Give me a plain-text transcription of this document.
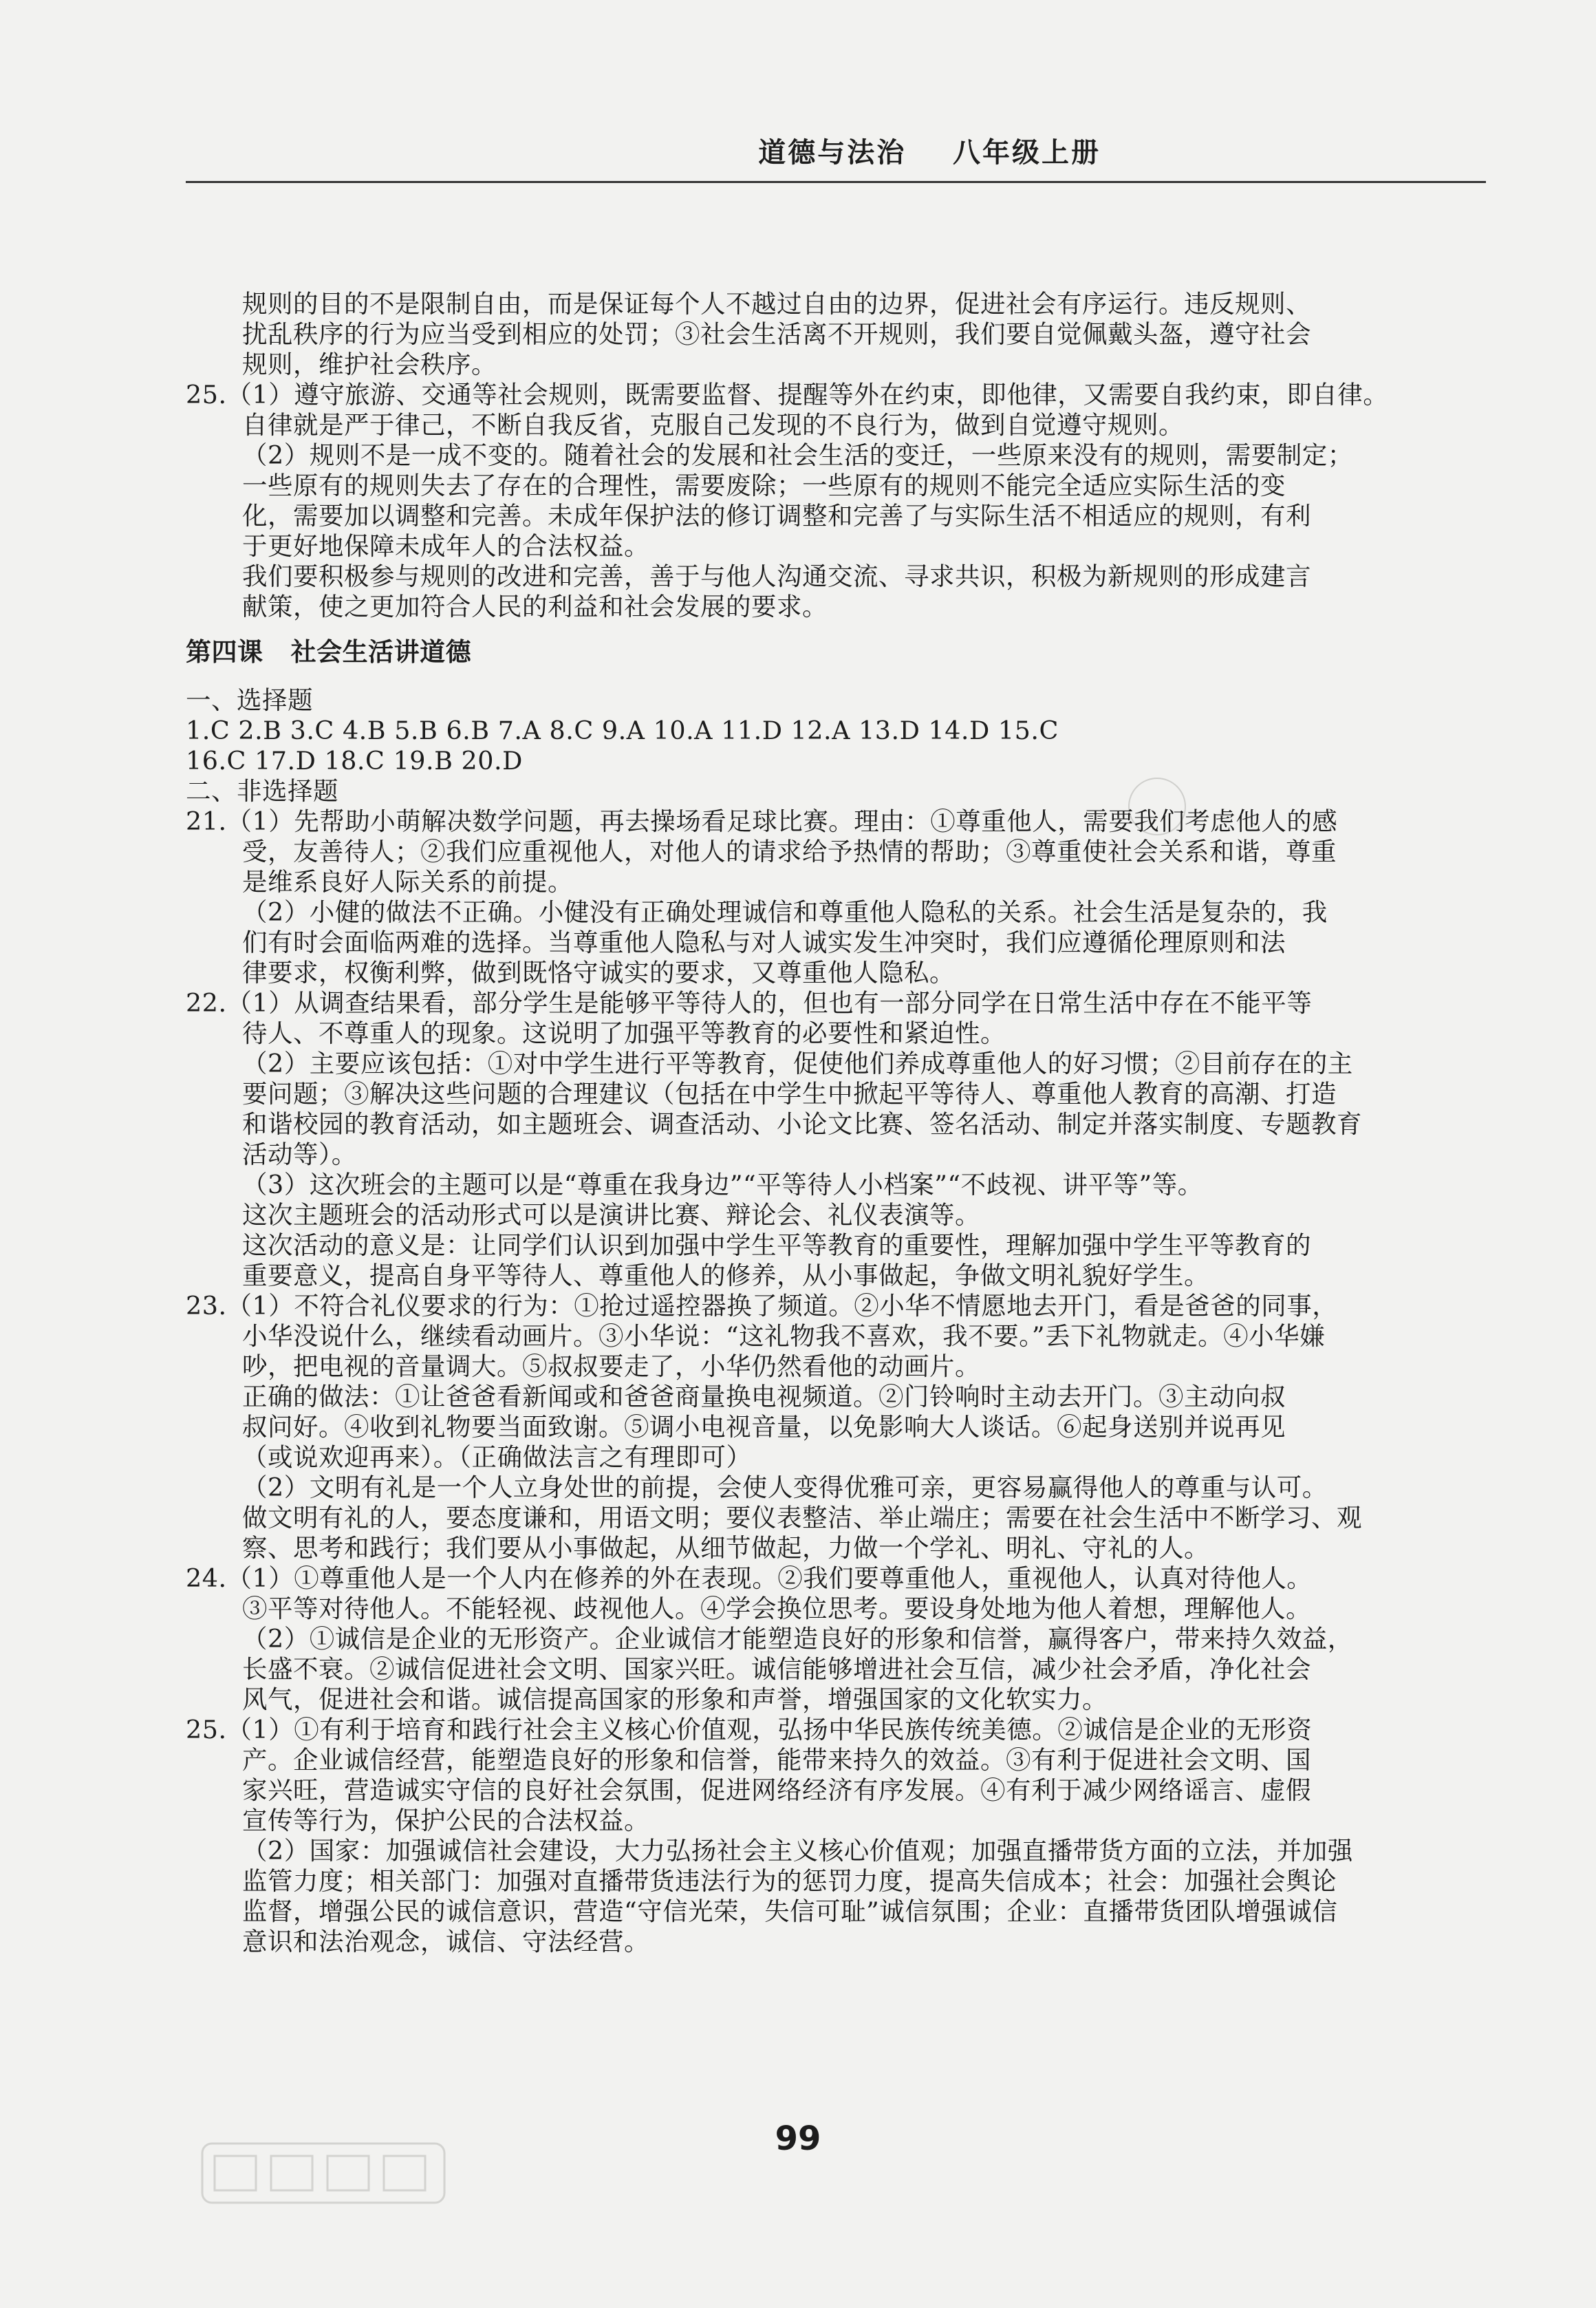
道德与法治    八年级上册
规则的目的不是限制自由，而是保证每个人不越过自由的边界，促进社会有序运行。违反规则、
扰乱秩序的行为应当受到相应的处罚；③社会生活离不开规则，我们要自觉佩戴头盔，遵守社会
规则，维护社会秩序。
25.（1）遵守旅游、交通等社会规则，既需要监督、提醒等外在约束，即他律，又需要自我约束，即自律。
自律就是严于律己，不断自我反省，克服自己发现的不良行为，做到自觉遵守规则。
（2）规则不是一成不变的。随着社会的发展和社会生活的变迁，一些原来没有的规则，需要制定；
一些原有的规则失去了存在的合理性，需要废除；一些原有的规则不能完全适应实际生活的变
化，需要加以调整和完善。未成年保护法的修订调整和完善了与实际生活不相适应的规则，有利
于更好地保障未成年人的合法权益。
我们要积极参与规则的改进和完善，善于与他人沟通交流、寻求共识，积极为新规则的形成建言
献策，使之更加符合人民的利益和社会发展的要求。
第四课   社会生活讲道德
一、选择题
1.C 2.B 3.C 4.B 5.B 6.B 7.A 8.C 9.A 10.A 11.D 12.A 13.D 14.D 15.C
16.C 17.D 18.C 19.B 20.D
二、非选择题
21.（1）先帮助小萌解决数学问题，再去操场看足球比赛。理由：①尊重他人，需要我们考虑他人的感
受，友善待人；②我们应重视他人，对他人的请求给予热情的帮助；③尊重使社会关系和谐，尊重
是维系良好人际关系的前提。
（2）小健的做法不正确。小健没有正确处理诚信和尊重他人隐私的关系。社会生活是复杂的，我
们有时会面临两难的选择。当尊重他人隐私与对人诚实发生冲突时，我们应遵循伦理原则和法
律要求，权衡利弊，做到既恪守诚实的要求，又尊重他人隐私。
22.（1）从调查结果看，部分学生是能够平等待人的，但也有一部分同学在日常生活中存在不能平等
待人、不尊重人的现象。这说明了加强平等教育的必要性和紧迫性。
（2）主要应该包括：①对中学生进行平等教育，促使他们养成尊重他人的好习惯；②目前存在的主
要问题；③解决这些问题的合理建议（包括在中学生中掀起平等待人、尊重他人教育的高潮、打造
和谐校园的教育活动，如主题班会、调查活动、小论文比赛、签名活动、制定并落实制度、专题教育
活动等）。
（3）这次班会的主题可以是“尊重在我身边”“平等待人小档案”“不歧视、讲平等”等。
这次主题班会的活动形式可以是演讲比赛、辩论会、礼仪表演等。
这次活动的意义是：让同学们认识到加强中学生平等教育的重要性，理解加强中学生平等教育的
重要意义，提高自身平等待人、尊重他人的修养，从小事做起，争做文明礼貌好学生。
23.（1）不符合礼仪要求的行为：①抢过遥控器换了频道。②小华不情愿地去开门，看是爸爸的同事，
小华没说什么，继续看动画片。③小华说：“这礼物我不喜欢，我不要。”丢下礼物就走。④小华嫌
吵，把电视的音量调大。⑤叔叔要走了，小华仍然看他的动画片。
正确的做法：①让爸爸看新闻或和爸爸商量换电视频道。②门铃响时主动去开门。③主动向叔
叔问好。④收到礼物要当面致谢。⑤调小电视音量，以免影响大人谈话。⑥起身送别并说再见
（或说欢迎再来）。（正确做法言之有理即可）
（2）文明有礼是一个人立身处世的前提，会使人变得优雅可亲，更容易赢得他人的尊重与认可。
做文明有礼的人，要态度谦和，用语文明；要仪表整洁、举止端庄；需要在社会生活中不断学习、观
察、思考和践行；我们要从小事做起，从细节做起，力做一个学礼、明礼、守礼的人。
24.（1）①尊重他人是一个人内在修养的外在表现。②我们要尊重他人，重视他人，认真对待他人。
③平等对待他人。不能轻视、歧视他人。④学会换位思考。要设身处地为他人着想，理解他人。
（2）①诚信是企业的无形资产。企业诚信才能塑造良好的形象和信誉，赢得客户，带来持久效益，
长盛不衰。②诚信促进社会文明、国家兴旺。诚信能够增进社会互信，减少社会矛盾，净化社会
风气，促进社会和谐。诚信提高国家的形象和声誉，增强国家的文化软实力。
25.（1）①有利于培育和践行社会主义核心价值观，弘扬中华民族传统美德。②诚信是企业的无形资
产。企业诚信经营，能塑造良好的形象和信誉，能带来持久的效益。③有利于促进社会文明、国
家兴旺，营造诚实守信的良好社会氛围，促进网络经济有序发展。④有利于减少网络谣言、虚假
宣传等行为，保护公民的合法权益。
（2）国家：加强诚信社会建设，大力弘扬社会主义核心价值观；加强直播带货方面的立法，并加强
监管力度；相关部门：加强对直播带货违法行为的惩罚力度，提高失信成本；社会：加强社会舆论
监督，增强公民的诚信意识，营造“守信光荣，失信可耻”诚信氛围；企业：直播带货团队增强诚信
意识和法治观念，诚信、守法经营。
99
